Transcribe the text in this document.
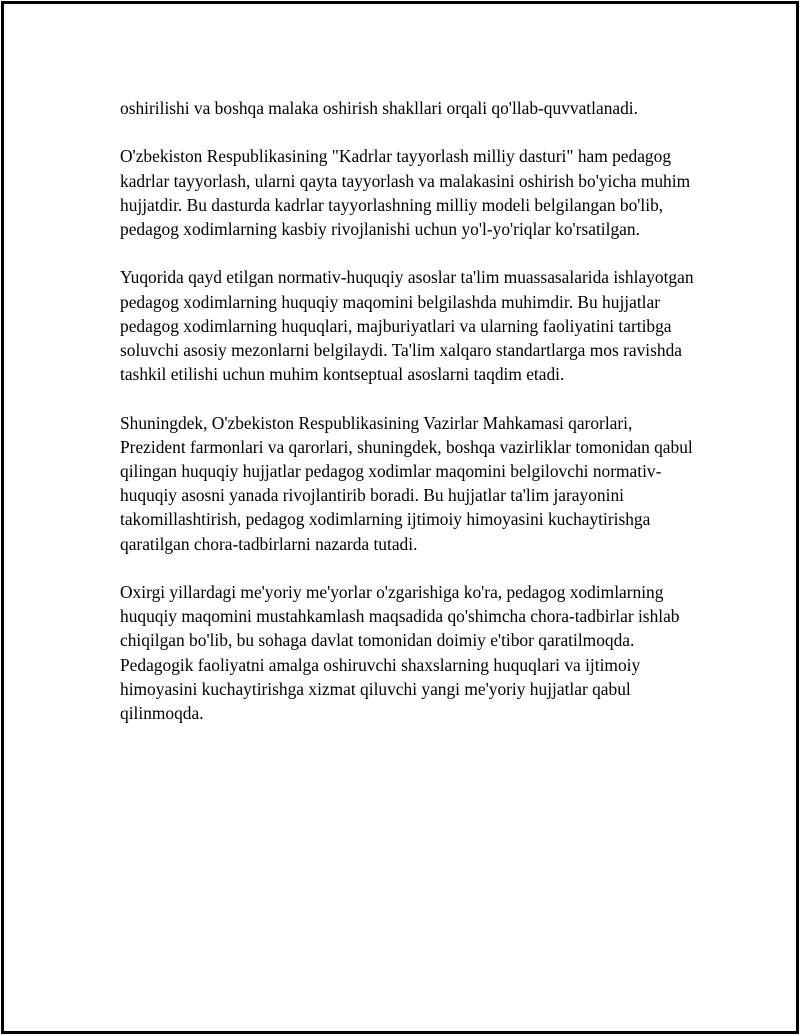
oshirilishi va boshqa malaka oshirish shakllari orqali qo'llab-quvvatlanadi.

O'zbekiston Respublikasining "Kadrlar tayyorlash milliy dasturi" ham pedagog kadrlar tayyorlash, ularni qayta tayyorlash va malakasini oshirish bo'yicha muhim hujjatdir. Bu dasturda kadrlar tayyorlashning milliy modeli belgilangan bo'lib, pedagog xodimlarning kasbiy rivojlanishi uchun yo'l-yo'riqlar ko'rsatilgan.

Yuqorida qayd etilgan normativ-huquqiy asoslar ta'lim muassasalarida ishlayotgan pedagog xodimlarning huquqiy maqomini belgilashda muhimdir. Bu hujjatlar pedagog xodimlarning huquqlari, majburiyatlari va ularning faoliyatini tartibga soluvchi asosiy mezonlarni belgilaydi. Ta'lim xalqaro standartlarga mos ravishda tashkil etilishi uchun muhim kontseptual asoslarni taqdim etadi.

Shuningdek, O'zbekiston Respublikasining Vazirlar Mahkamasi qarorlari, Prezident farmonlari va qarorlari, shuningdek, boshqa vazirliklar tomonidan qabul qilingan huquqiy hujjatlar pedagog xodimlar maqomini belgilovchi normativ-huquqiy asosni yanada rivojlantirib boradi. Bu hujjatlar ta'lim jarayonini takomillashtirish, pedagog xodimlarning ijtimoiy himoyasini kuchaytirishga qaratilgan chora-tadbirlarni nazarda tutadi.

Oxirgi yillardagi me'yoriy me'yorlar o'zgarishiga ko'ra, pedagog xodimlarning huquqiy maqomini mustahkamlash maqsadida qo'shimcha chora-tadbirlar ishlab chiqilgan bo'lib, bu sohaga davlat tomonidan doimiy e'tibor qaratilmoqda. Pedagogik faoliyatni amalga oshiruvchi shaxslarning huquqlari va ijtimoiy himoyasini kuchaytirishga xizmat qiluvchi yangi me'yoriy hujjatlar qabul qilinmoqda.
